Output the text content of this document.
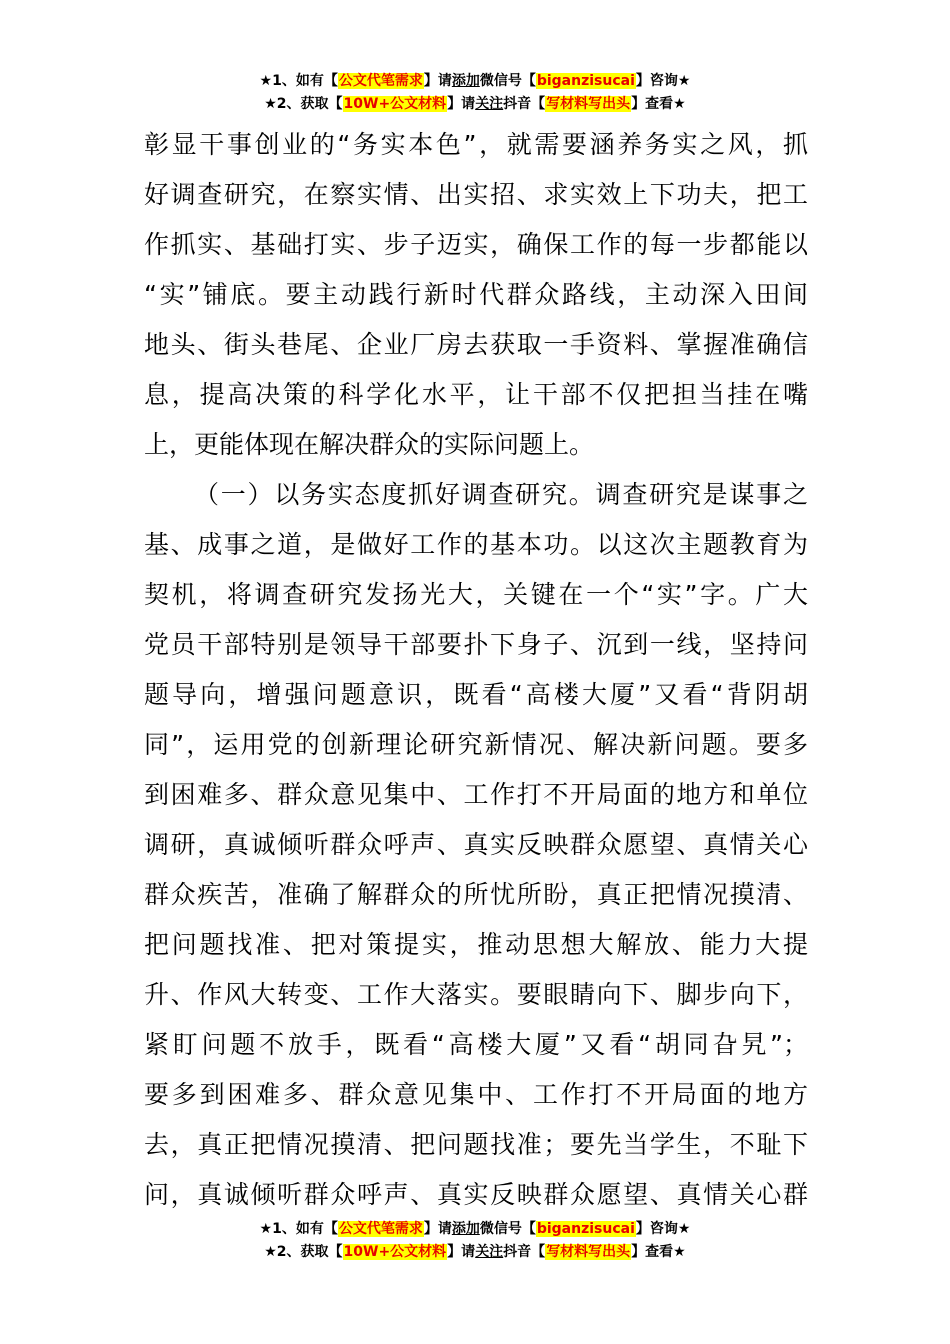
★1、如有【公文代笔需求】请添加微信号【biganzisucai】咨询★
★2、获取【10W+公文材料】请关注抖音【写材料写出头】查看★
彰显干事创业的“务实本色”，就需要涵养务实之风，抓
好调查研究，在察实情、出实招、求实效上下功夫，把工
作抓实、基础打实、步子迈实，确保工作的每一步都能以
“实”铺底。要主动践行新时代群众路线，主动深入田间
地头、街头巷尾、企业厂房去获取一手资料、掌握准确信
息，提高决策的科学化水平，让干部不仅把担当挂在嘴
上，更能体现在解决群众的实际问题上。
（一）以务实态度抓好调查研究。调查研究是谋事之
基、成事之道，是做好工作的基本功。以这次主题教育为
契机，将调查研究发扬光大，关键在一个“实”字。广大
党员干部特别是领导干部要扑下身子、沉到一线，坚持问
题导向，增强问题意识，既看“高楼大厦”又看“背阴胡
同”，运用党的创新理论研究新情况、解决新问题。要多
到困难多、群众意见集中、工作打不开局面的地方和单位
调研，真诚倾听群众呼声、真实反映群众愿望、真情关心
群众疾苦，准确了解群众的所忧所盼，真正把情况摸清、
把问题找准、把对策提实，推动思想大解放、能力大提
升、作风大转变、工作大落实。要眼睛向下、脚步向下，
紧盯问题不放手，既看“高楼大厦”又看“胡同旮旯”；
要多到困难多、群众意见集中、工作打不开局面的地方
去，真正把情况摸清、把问题找准；要先当学生，不耻下
问，真诚倾听群众呼声、真实反映群众愿望、真情关心群
★1、如有【公文代笔需求】请添加微信号【biganzisucai】咨询★
★2、获取【10W+公文材料】请关注抖音【写材料写出头】查看★
